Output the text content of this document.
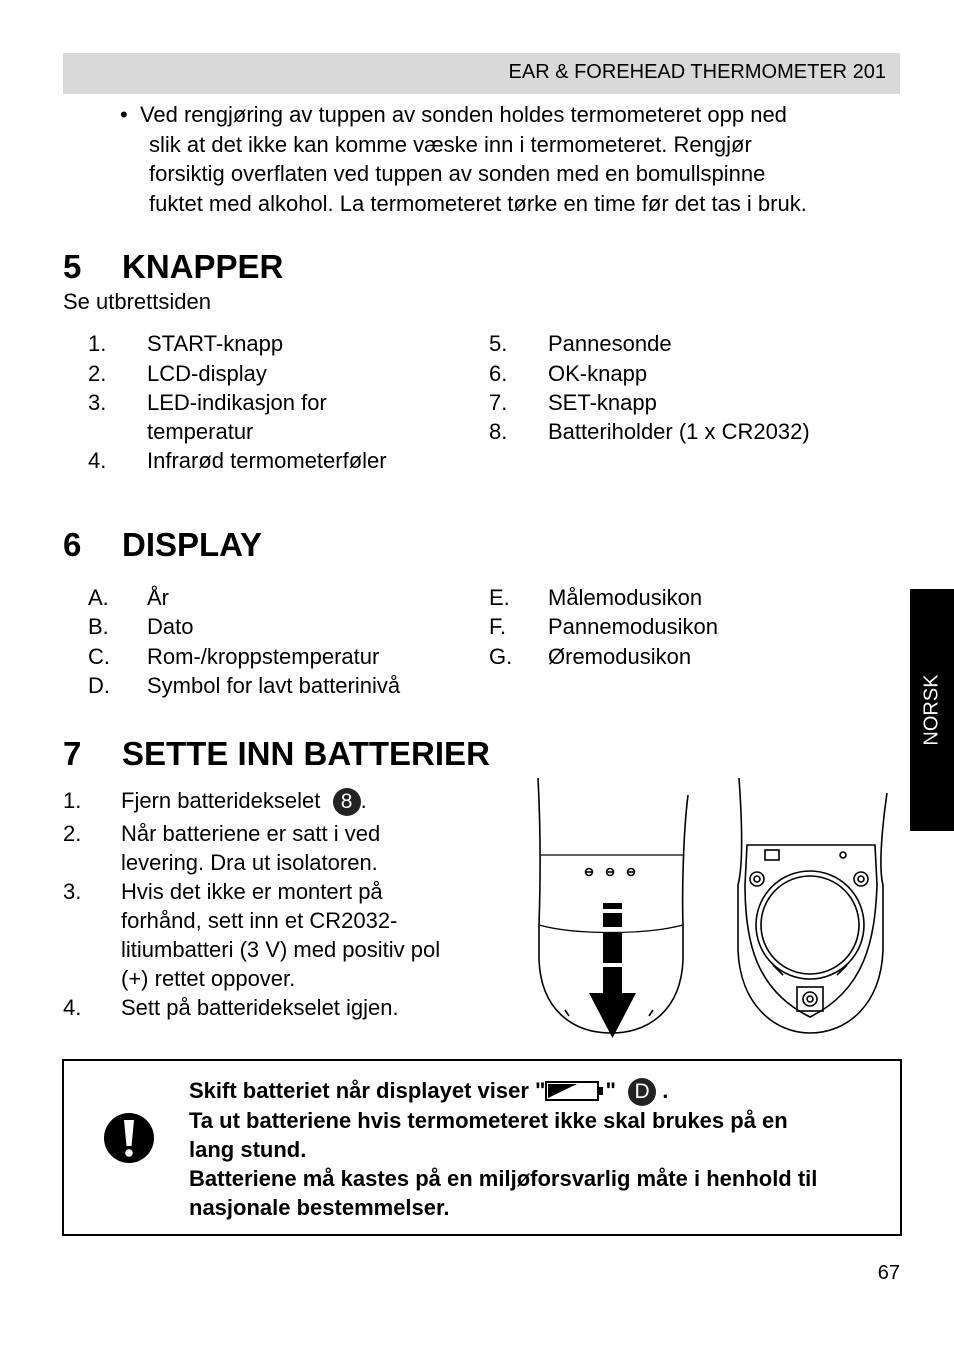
EAR & FOREHEAD THERMOMETER 201
• Ved rengjøring av tuppen av sonden holdes termometeret opp ned
slik at det ikke kan komme væske inn i termometeret. Rengjør
forsiktig overflaten ved tuppen av sonden med en bomullspinne
fuktet med alkohol. La termometeret tørke en time før det tas i bruk.
5 KNAPPER
Se utbrettsiden
1. START-knapp
2. LCD-display
3. LED-indikasjon for
temperatur
4. Infrarød termometerføler
5. Pannesonde
6. OK-knapp
7. SET-knapp
8. Batteriholder (1 x CR2032)
6 DISPLAY
A. År
B. Dato
C. Rom-/kroppstemperatur
D. Symbol for lavt batterinivå
E. Målemodusikon
F. Pannemodusikon
G. Øremodusikon
7 SETTE INN BATTERIER
1. Fjern batteridekselet 8 .
2. Når batteriene er satt i ved
levering. Dra ut isolatoren.
3. Hvis det ikke er montert på
forhånd, sett inn et CR2032-
litiumbatteri (3 V) med positiv pol
(+) rettet oppover.
4. Sett på batteridekselet igjen.
NORSK
Skift batteriet når displayet viser "	" D .
Ta ut batteriene hvis termometeret ikke skal brukes på en
lang stund.
Batteriene må kastes på en miljøforsvarlig måte i henhold til
nasjonale bestemmelser.
67
